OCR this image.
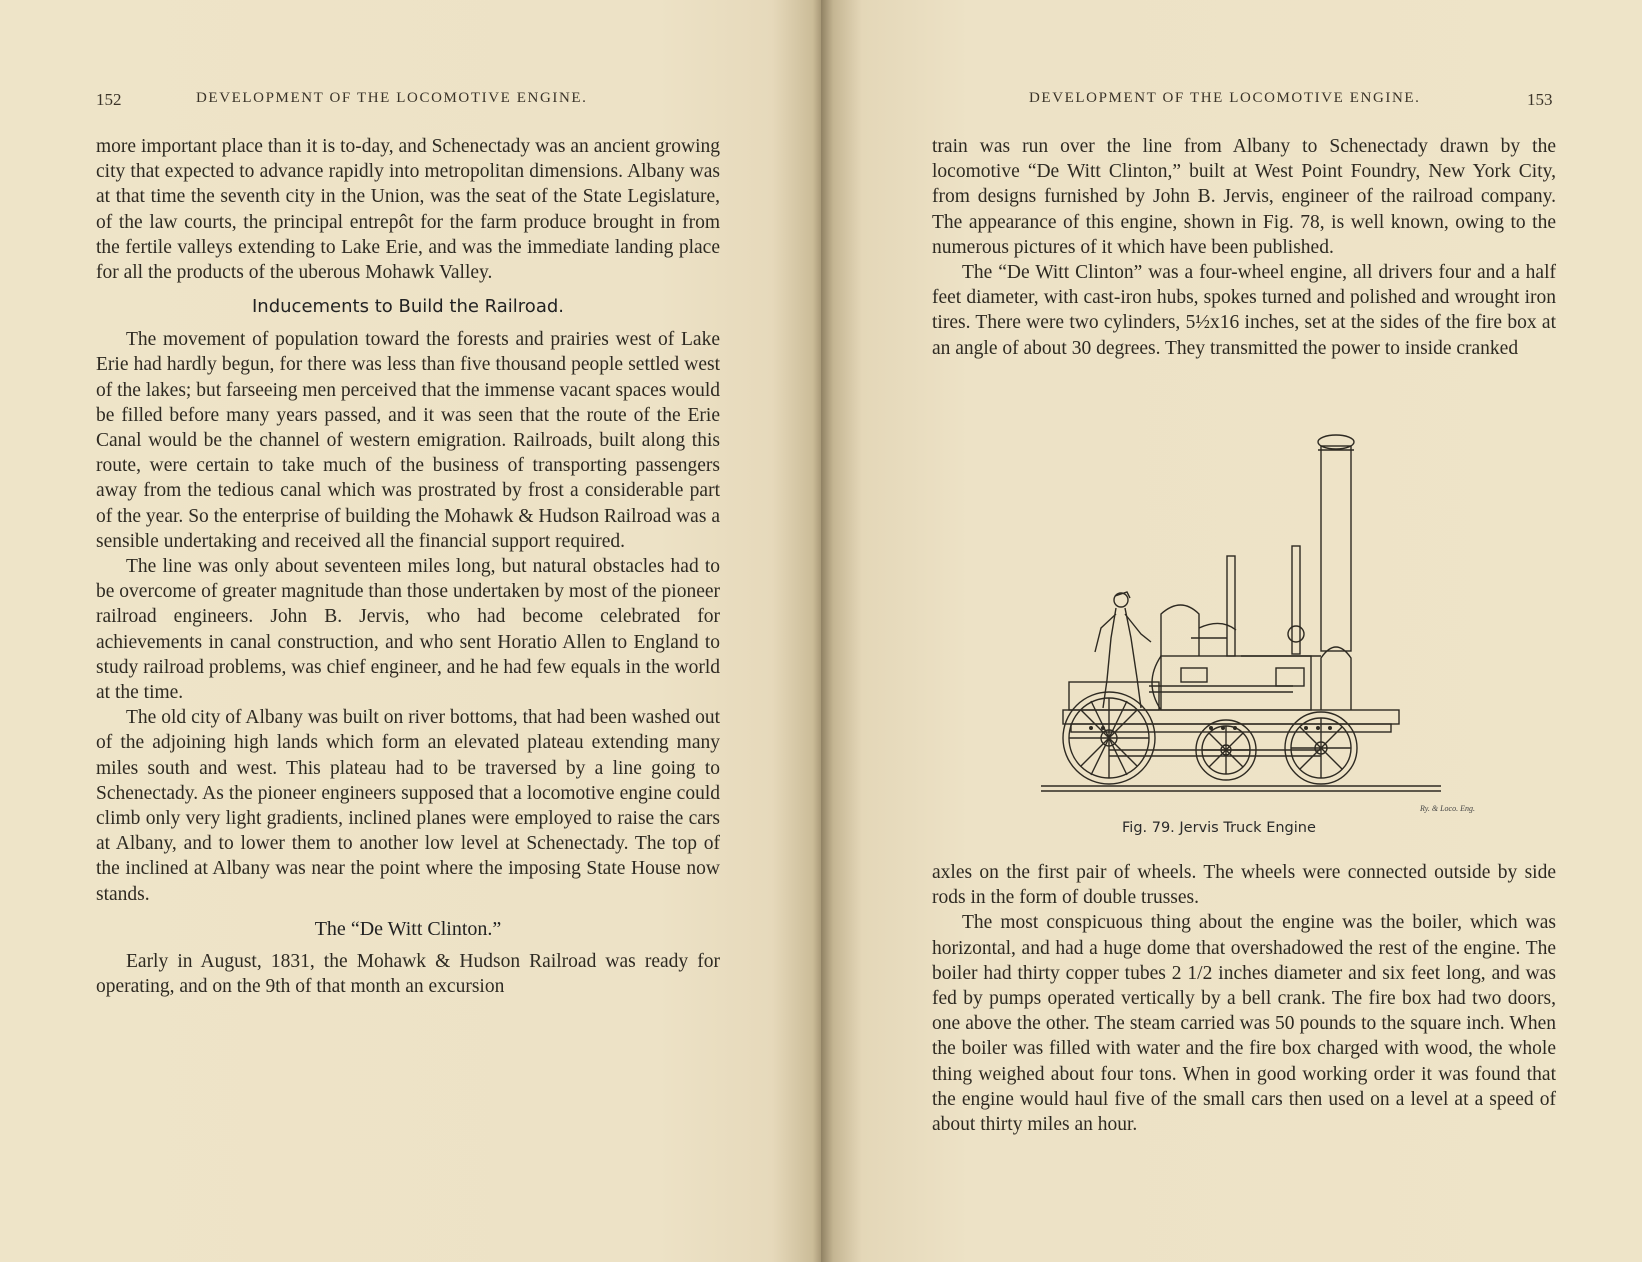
152	DEVELOPMENT OF THE LOCOMOTIVE ENGINE.

more important place than it is to-day, and Schenectady was an ancient growing city that expected to advance rapidly into metropolitan dimensions. Albany was at that time the seventh city in the Union, was the seat of the State Legislature, of the law courts, the principal entrepôt for the farm produce brought in from the fertile valleys extending to Lake Erie, and was the immediate landing place for all the products of the uberous Mohawk Valley.

Inducements to Build the Railroad.

The movement of population toward the forests and prairies west of Lake Erie had hardly begun, for there was less than five thousand people settled west of the lakes; but farseeing men perceived that the immense vacant spaces would be filled before many years passed, and it was seen that the route of the Erie Canal would be the channel of western emigration. Railroads, built along this route, were certain to take much of the business of transporting passengers away from the tedious canal which was prostrated by frost a considerable part of the year. So the enterprise of building the Mohawk & Hudson Railroad was a sensible undertaking and received all the financial support required.

The line was only about seventeen miles long, but natural obstacles had to be overcome of greater magnitude than those undertaken by most of the pioneer railroad engineers. John B. Jervis, who had become celebrated for achievements in canal construction, and who sent Horatio Allen to England to study railroad problems, was chief engineer, and he had few equals in the world at the time.

The old city of Albany was built on river bottoms, that had been washed out of the adjoining high lands which form an elevated plateau extending many miles south and west. This plateau had to be traversed by a line going to Schenectady. As the pioneer engineers supposed that a locomotive engine could climb only very light gradients, inclined planes were employed to raise the cars at Albany, and to lower them to another low level at Schenectady. The top of the inclined at Albany was near the point where the imposing State House now stands.

The “De Witt Clinton.”

Early in August, 1831, the Mohawk & Hudson Railroad was ready for operating, and on the 9th of that month an excursion

DEVELOPMENT OF THE LOCOMOTIVE ENGINE.	153

train was run over the line from Albany to Schenectady drawn by the locomotive “De Witt Clinton,” built at West Point Foundry, New York City, from designs furnished by John B. Jervis, engineer of the railroad company. The appearance of this engine, shown in Fig. 78, is well known, owing to the numerous pictures of it which have been published.

The “De Witt Clinton” was a four-wheel engine, all drivers four and a half feet diameter, with cast-iron hubs, spokes turned and polished and wrought iron tires. There were two cylinders, 5½x16 inches, set at the sides of the fire box at an angle of about 30 degrees. They transmitted the power to inside cranked

Ry. & Loco. Eng.
Fig. 79. Jervis Truck Engine

axles on the first pair of wheels. The wheels were connected outside by side rods in the form of double trusses.

The most conspicuous thing about the engine was the boiler, which was horizontal, and had a huge dome that overshadowed the rest of the engine. The boiler had thirty copper tubes 2 1/2 inches diameter and six feet long, and was fed by pumps operated vertically by a bell crank. The fire box had two doors, one above the other. The steam carried was 50 pounds to the square inch. When the boiler was filled with water and the fire box charged with wood, the whole thing weighed about four tons. When in good working order it was found that the engine would haul five of the small cars then used on a level at a speed of about thirty miles an hour.
